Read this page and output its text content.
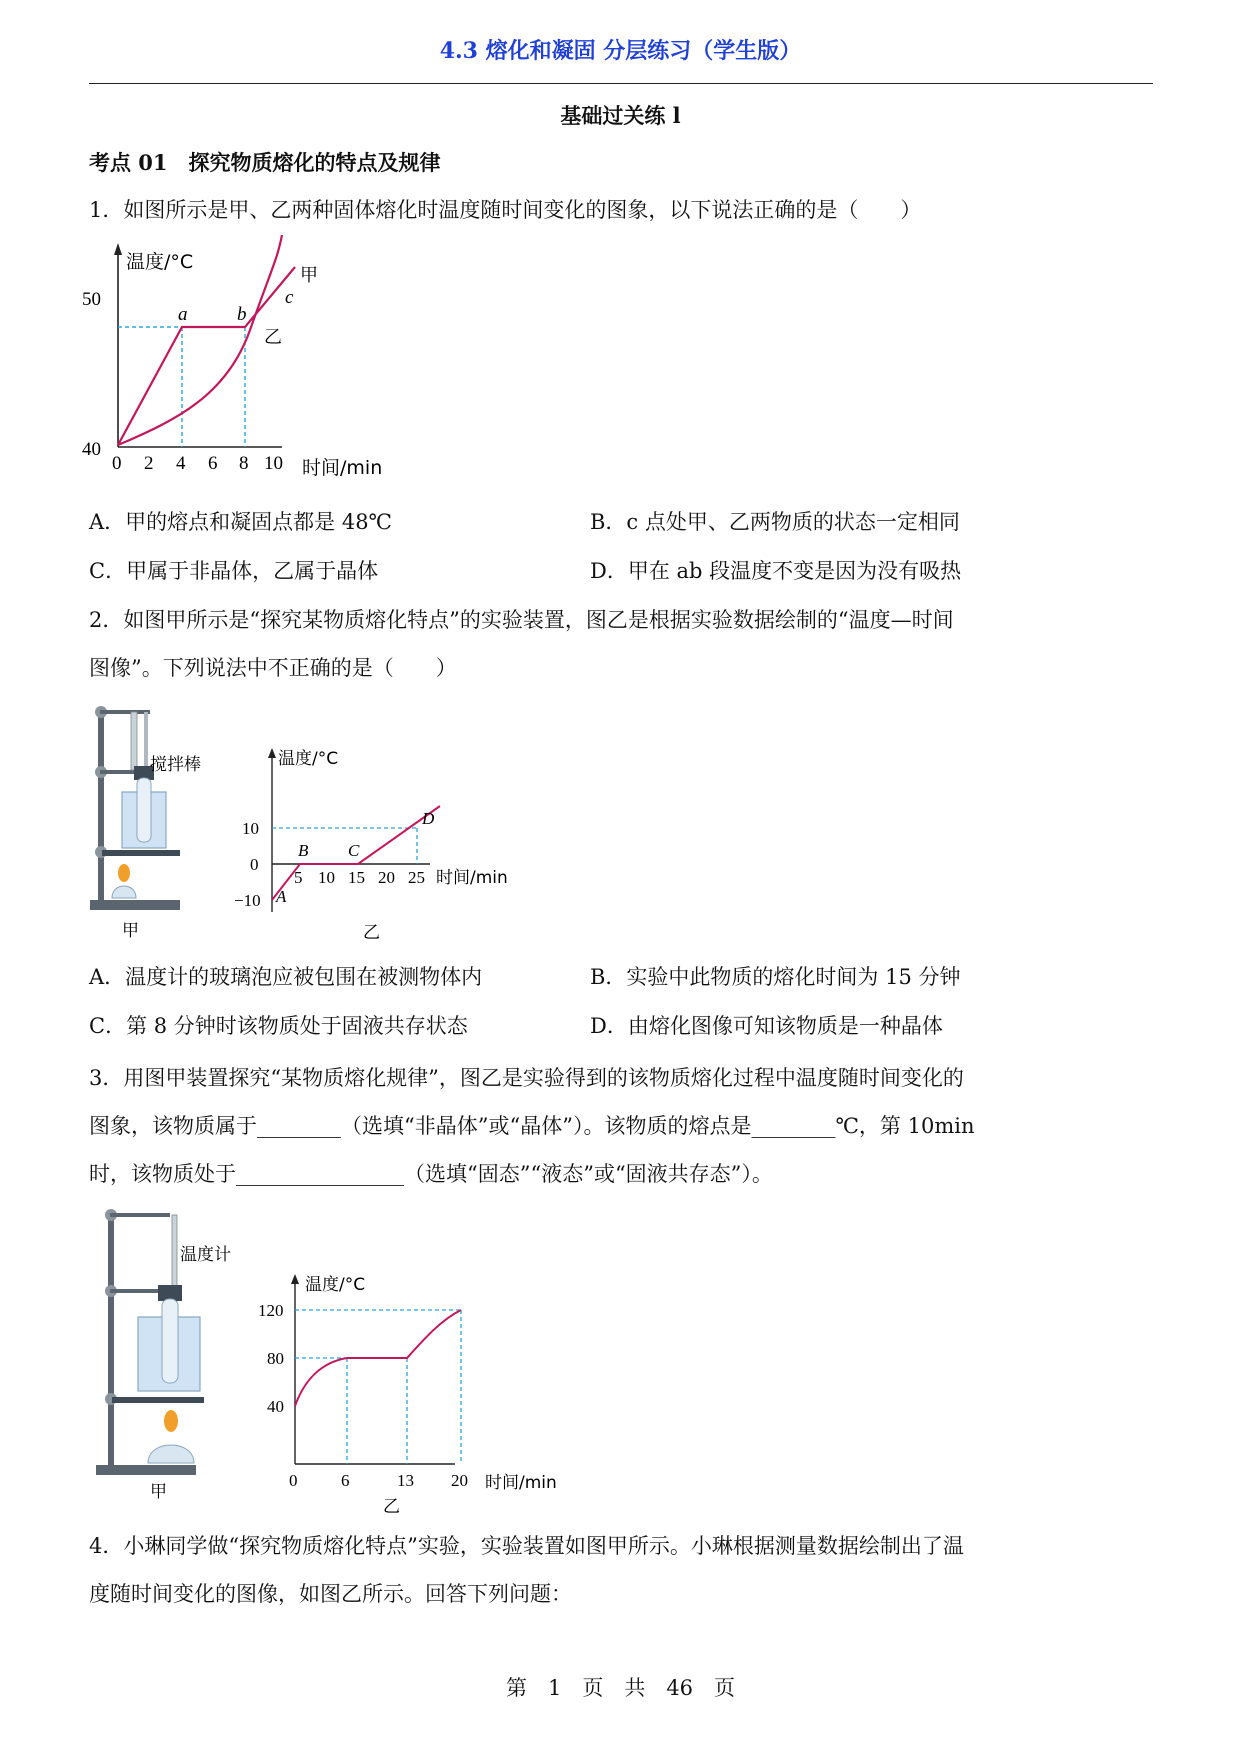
4.3 熔化和凝固 分层练习（学生版）
基础过关练 l
考点 01　探究物质熔化的特点及规律
1．如图所示是甲、乙两种固体熔化时温度随时间变化的图象，以下说法正确的是（　　）
温度/°C
50
40
0 2 4 6 8 10 时间/min
a	b
c
甲
乙
A．甲的熔点和凝固点都是 48℃	B．c 点处甲、乙两物质的状态一定相同
C．甲属于非晶体，乙属于晶体	D．甲在 ab 段温度不变是因为没有吸热
2．如图甲所示是“探究某物质熔化特点”的实验装置，图乙是根据实验数据绘制的“温度—时间
图像”。下列说法中不正确的是（　　）
搅拌棒
甲
温度/°C
10
0
−10
5 10 15 20 25 时间/min
A
B C
D
乙
A．温度计的玻璃泡应被包围在被测物体内	B．实验中此物质的熔化时间为 15 分钟
C．第 8 分钟时该物质处于固液共存状态	D．由熔化图像可知该物质是一种晶体
3．用图甲装置探究“某物质熔化规律”，图乙是实验得到的该物质熔化过程中温度随时间变化的
图象，该物质属于________（选填“非晶体”或“晶体”）。该物质的熔点是________℃，第 10min
时，该物质处于________________（选填“固态”“液态”或“固液共存态”）。
温度计
甲
温度/°C
120
80
40
0	6	13 20 时间/min
乙
4．小琳同学做“探究物质熔化特点”实验，实验装置如图甲所示。小琳根据测量数据绘制出了温
度随时间变化的图像，如图乙所示。回答下列问题：
第　1　页　共　46　页
